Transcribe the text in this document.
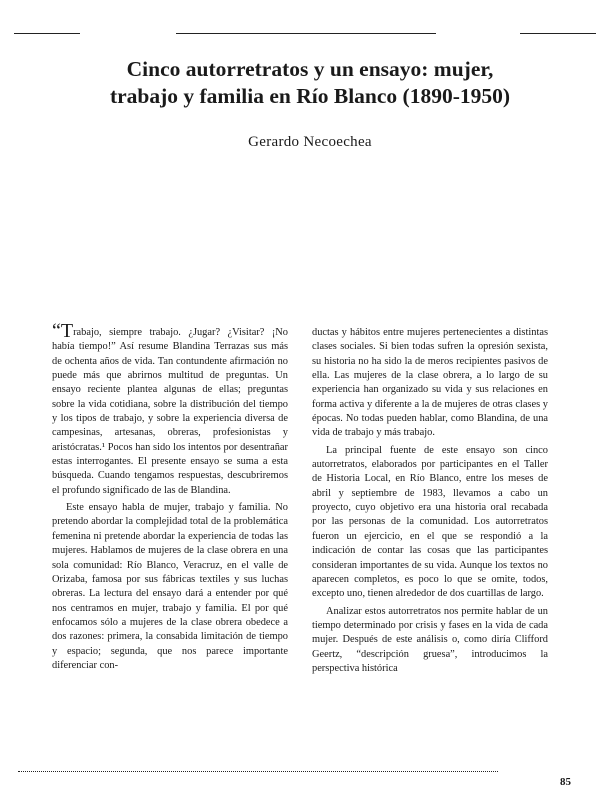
Cinco autorretratos y un ensayo: mujer,
trabajo y familia en Río Blanco (1890-1950)

Gerardo Necoechea

“Trabajo, siempre trabajo. ¿Jugar? ¿Visitar? ¡No había tiempo!” Así resume Blandina Terrazas sus más de ochenta años de vida. Tan contundente afirmación no puede más que abrirnos multitud de preguntas. Un ensayo reciente plantea algunas de ellas; preguntas sobre la vida cotidiana, sobre la distribución del tiempo y los tipos de trabajo, y sobre la experiencia diversa de campesinas, artesanas, obreras, profesionistas y aristócratas.¹ Pocos han sido los intentos por desentrañar estas interrogantes. El presente ensayo se suma a esta búsqueda. Cuando tengamos respuestas, descubriremos el profundo significado de las de Blandina.

Este ensayo habla de mujer, trabajo y familia. No pretendo abordar la complejidad total de la problemática femenina ni pretende abordar la experiencia de todas las mujeres. Hablamos de mujeres de la clase obrera en una sola comunidad: Río Blanco, Veracruz, en el valle de Orizaba, famosa por sus fábricas textiles y sus luchas obreras. La lectura del ensayo dará a entender por qué nos centramos en mujer, trabajo y familia. El por qué enfocamos sólo a mujeres de la clase obrera obedece a dos razones: primera, la consabida limitación de tiempo y espacio; segunda, que nos parece importante diferenciar con-

ductas y hábitos entre mujeres pertenecientes a distintas clases sociales. Si bien todas sufren la opresión sexista, su historia no ha sido la de meros recipientes pasivos de ella. Las mujeres de la clase obrera, a lo largo de su experiencia han organizado su vida y sus relaciones en forma activa y diferente a la de mujeres de otras clases y épocas. No todas pueden hablar, como Blandina, de una vida de trabajo y más trabajo.

La principal fuente de este ensayo son cinco autorretratos, elaborados por participantes en el Taller de Historia Local, en Río Blanco, entre los meses de abril y septiembre de 1983, llevamos a cabo un proyecto, cuyo objetivo era una historia oral recabada por las personas de la comunidad. Los autorretratos fueron un ejercicio, en el que se respondió a la indicación de contar las cosas que las participantes consideran importantes de su vida. Aunque los textos no aparecen completos, es poco lo que se omite, todos, excepto uno, tienen alrededor de dos cuartillas de largo.

Analizar estos autorretratos nos permite hablar de un tiempo determinado por crisis y fases en la vida de cada mujer. Después de este análisis o, como diría Clifford Geertz, “descripción gruesa”, introducimos la perspectiva histórica

85
